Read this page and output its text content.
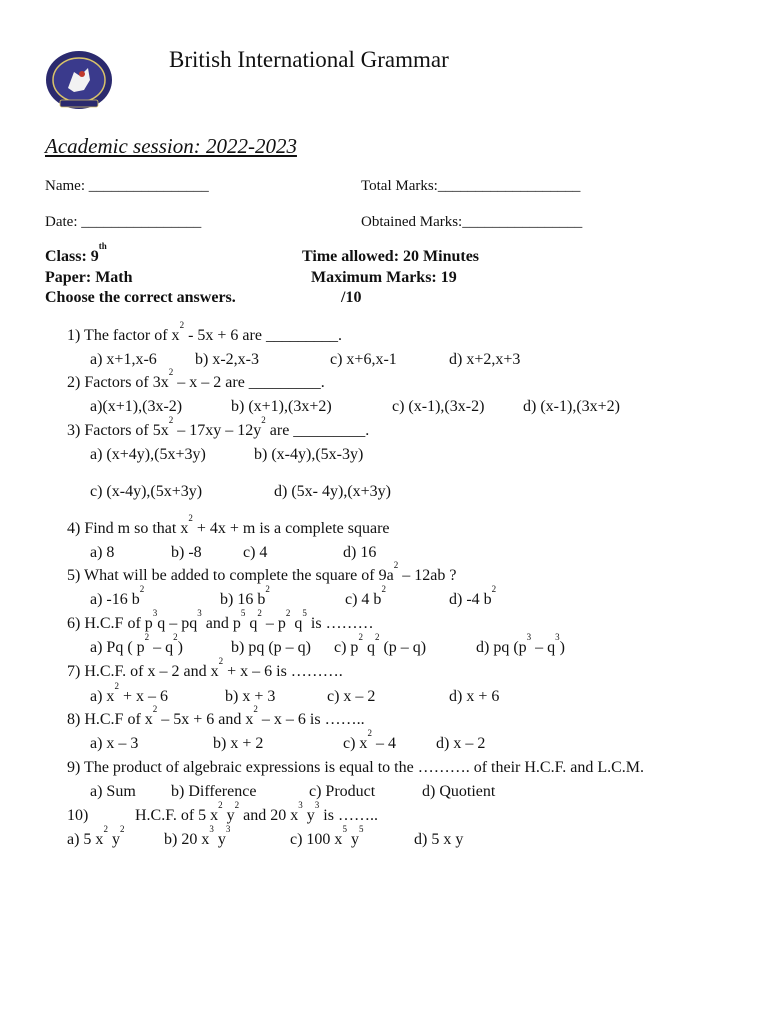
British International Grammar
Academic session: 2022-2023
Name: ________________	Total Marks:___________________
Date: ________________	Obtained Marks:________________
Class: 9th
Time allowed: 20 Minutes
Paper: Math	Maximum Marks: 19
Choose the correct answers.	/10
1) The factor of $x^2 - 5x + 6$ are _________.
a) x+1,x-6 b) x-2,x-3	c) x+6,x-1	d) x+2,x+3
2) Factors of $3x^2$ – x – 2 are _________.
a)(x+1),(3x-2)	b) (x+1),(3x+2)	c) (x-1),(3x-2) d) (x-1),(3x+2)
3) Factors of $5x^2 - 17xy - 12y^2$ are _________.
a) (x+4y),(5x+3y)	b) (x-4y),(5x-3y)
c) (x-4y),(5x+3y)	d) (5x- 4y),(x+3y)
4) Find m so that $x^2 + 4x + m$ is a complete square
a) 8	b) -8	c) 4	d) 16
5) What will be added to complete the square of $9a^2 - 12ab$ ?
a) -16 $b^2$
b) 16 $b^2$
c) 4 $b^2$
d) -4 $b^2$
6) H.C.F of $p^3q - pq^3$ and $p^5$ $q^2 - p^2$ $q^5$ is ………
a) Pq ( $p^2 - q^2$)	b) pq (p – q) c) $p^2$ $q^2$ (p – q)	d) pq $(p^3 - q^3)$
7) H.C.F. of x – 2 and $x^2 + x - 6$ is ……….
a) $x^2 + x - 6$	b) x + 3	c) x – 2	d) x + 6
8) H.C.F of $x^2 - 5x + 6$ and $x^2$ – x – 6 is ……..
a) x – 3	b) x + 2	c) $x^2 - 4$	d) x – 2
9) The product of algebraic expressions is equal to the ………. of their H.C.F. and L.C.M.
a) Sum b) Difference	c) Product	d) Quotient
10)	H.C.F. of 5 $x^2$ $y^2$ and 20 $x^3$ $y^3$ is ……..
a) 5 $x^2$ $y^2$
b) 20 $x^3$ $y^3$
c) 100 $x^5$ $y^5$
d) 5 x y
